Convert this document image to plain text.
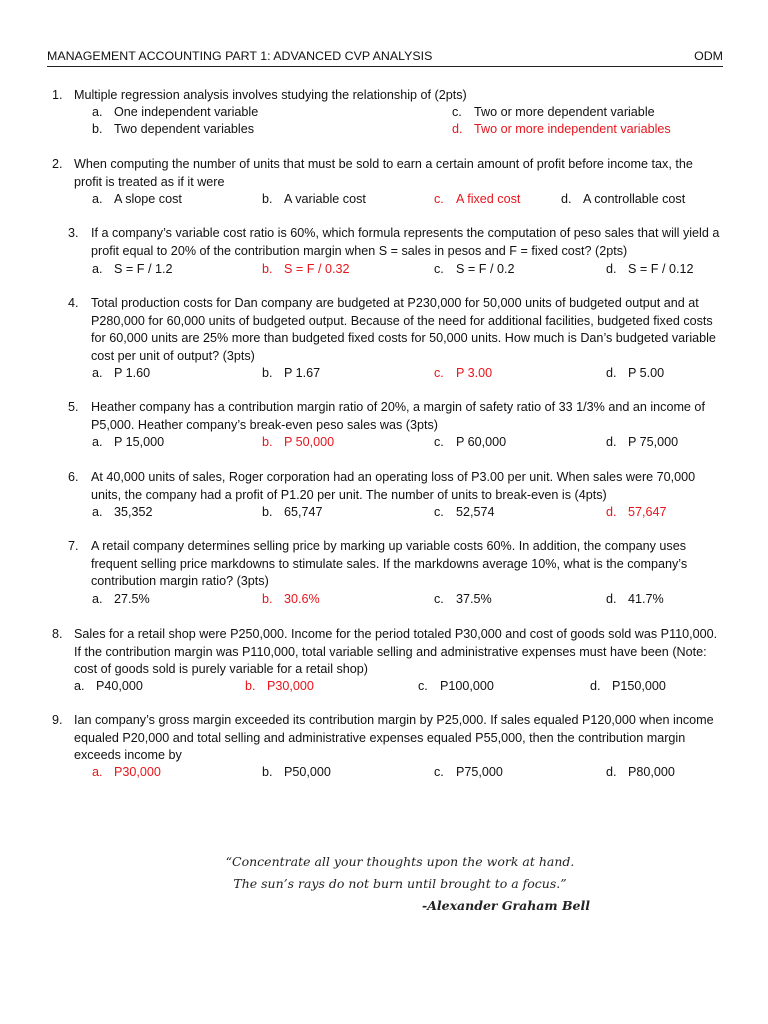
MANAGEMENT ACCOUNTING PART 1: ADVANCED CVP ANALYSIS	ODM
1. Multiple regression analysis involves studying the relationship of (2pts)
a. One independent variable
b. Two dependent variables
c. Two or more dependent variable
d. Two or more independent variables
2. When computing the number of units that must be sold to earn a certain amount of profit before income tax, the profit is treated as if it were
a. A slope cost	b. A variable cost	c. A fixed cost	d. A controllable cost
3. If a company’s variable cost ratio is 60%, which formula represents the computation of peso sales that will yield a profit equal to 20% of the contribution margin when S = sales in pesos and F = fixed cost? (2pts)
a. S = F / 1.2	b. S = F / 0.32	c. S = F / 0.2	d. S = F / 0.12
4. Total production costs for Dan company are budgeted at P230,000 for 50,000 units of budgeted output and at P280,000 for 60,000 units of budgeted output. Because of the need for additional facilities, budgeted fixed costs for 60,000 units are 25% more than budgeted fixed costs for 50,000 units. How much is Dan’s budgeted variable cost per unit of output? (3pts)
a. P 1.60	b. P 1.67	c. P 3.00	d. P 5.00
5. Heather company has a contribution margin ratio of 20%, a margin of safety ratio of 33 1/3% and an income of P5,000. Heather company’s break-even peso sales was (3pts)
a. P 15,000	b. P 50,000	c. P 60,000	d. P 75,000
6. At 40,000 units of sales, Roger corporation had an operating loss of P3.00 per unit. When sales were 70,000 units, the company had a profit of P1.20 per unit. The number of units to break-even is (4pts)
a. 35,352	b. 65,747	c. 52,574	d. 57,647
7. A retail company determines selling price by marking up variable costs 60%. In addition, the company uses frequent selling price markdowns to stimulate sales. If the markdowns average 10%, what is the company’s contribution margin ratio? (3pts)
a. 27.5%	b. 30.6%	c. 37.5%	d. 41.7%
8. Sales for a retail shop were P250,000. Income for the period totaled P30,000 and cost of goods sold was P110,000. If the contribution margin was P110,000, total variable selling and administrative expenses must have been (Note: cost of goods sold is purely variable for a retail shop)
a. P40,000	b. P30,000	c. P100,000	d. P150,000
9. Ian company’s gross margin exceeded its contribution margin by P25,000. If sales equaled P120,000 when income equaled P20,000 and total selling and administrative expenses equaled P55,000, then the contribution margin exceeds income by
a. P30,000	b. P50,000	c. P75,000	d. P80,000
“Concentrate all your thoughts upon the work at hand.
The sun’s rays do not burn until brought to a focus.”
-Alexander Graham Bell
